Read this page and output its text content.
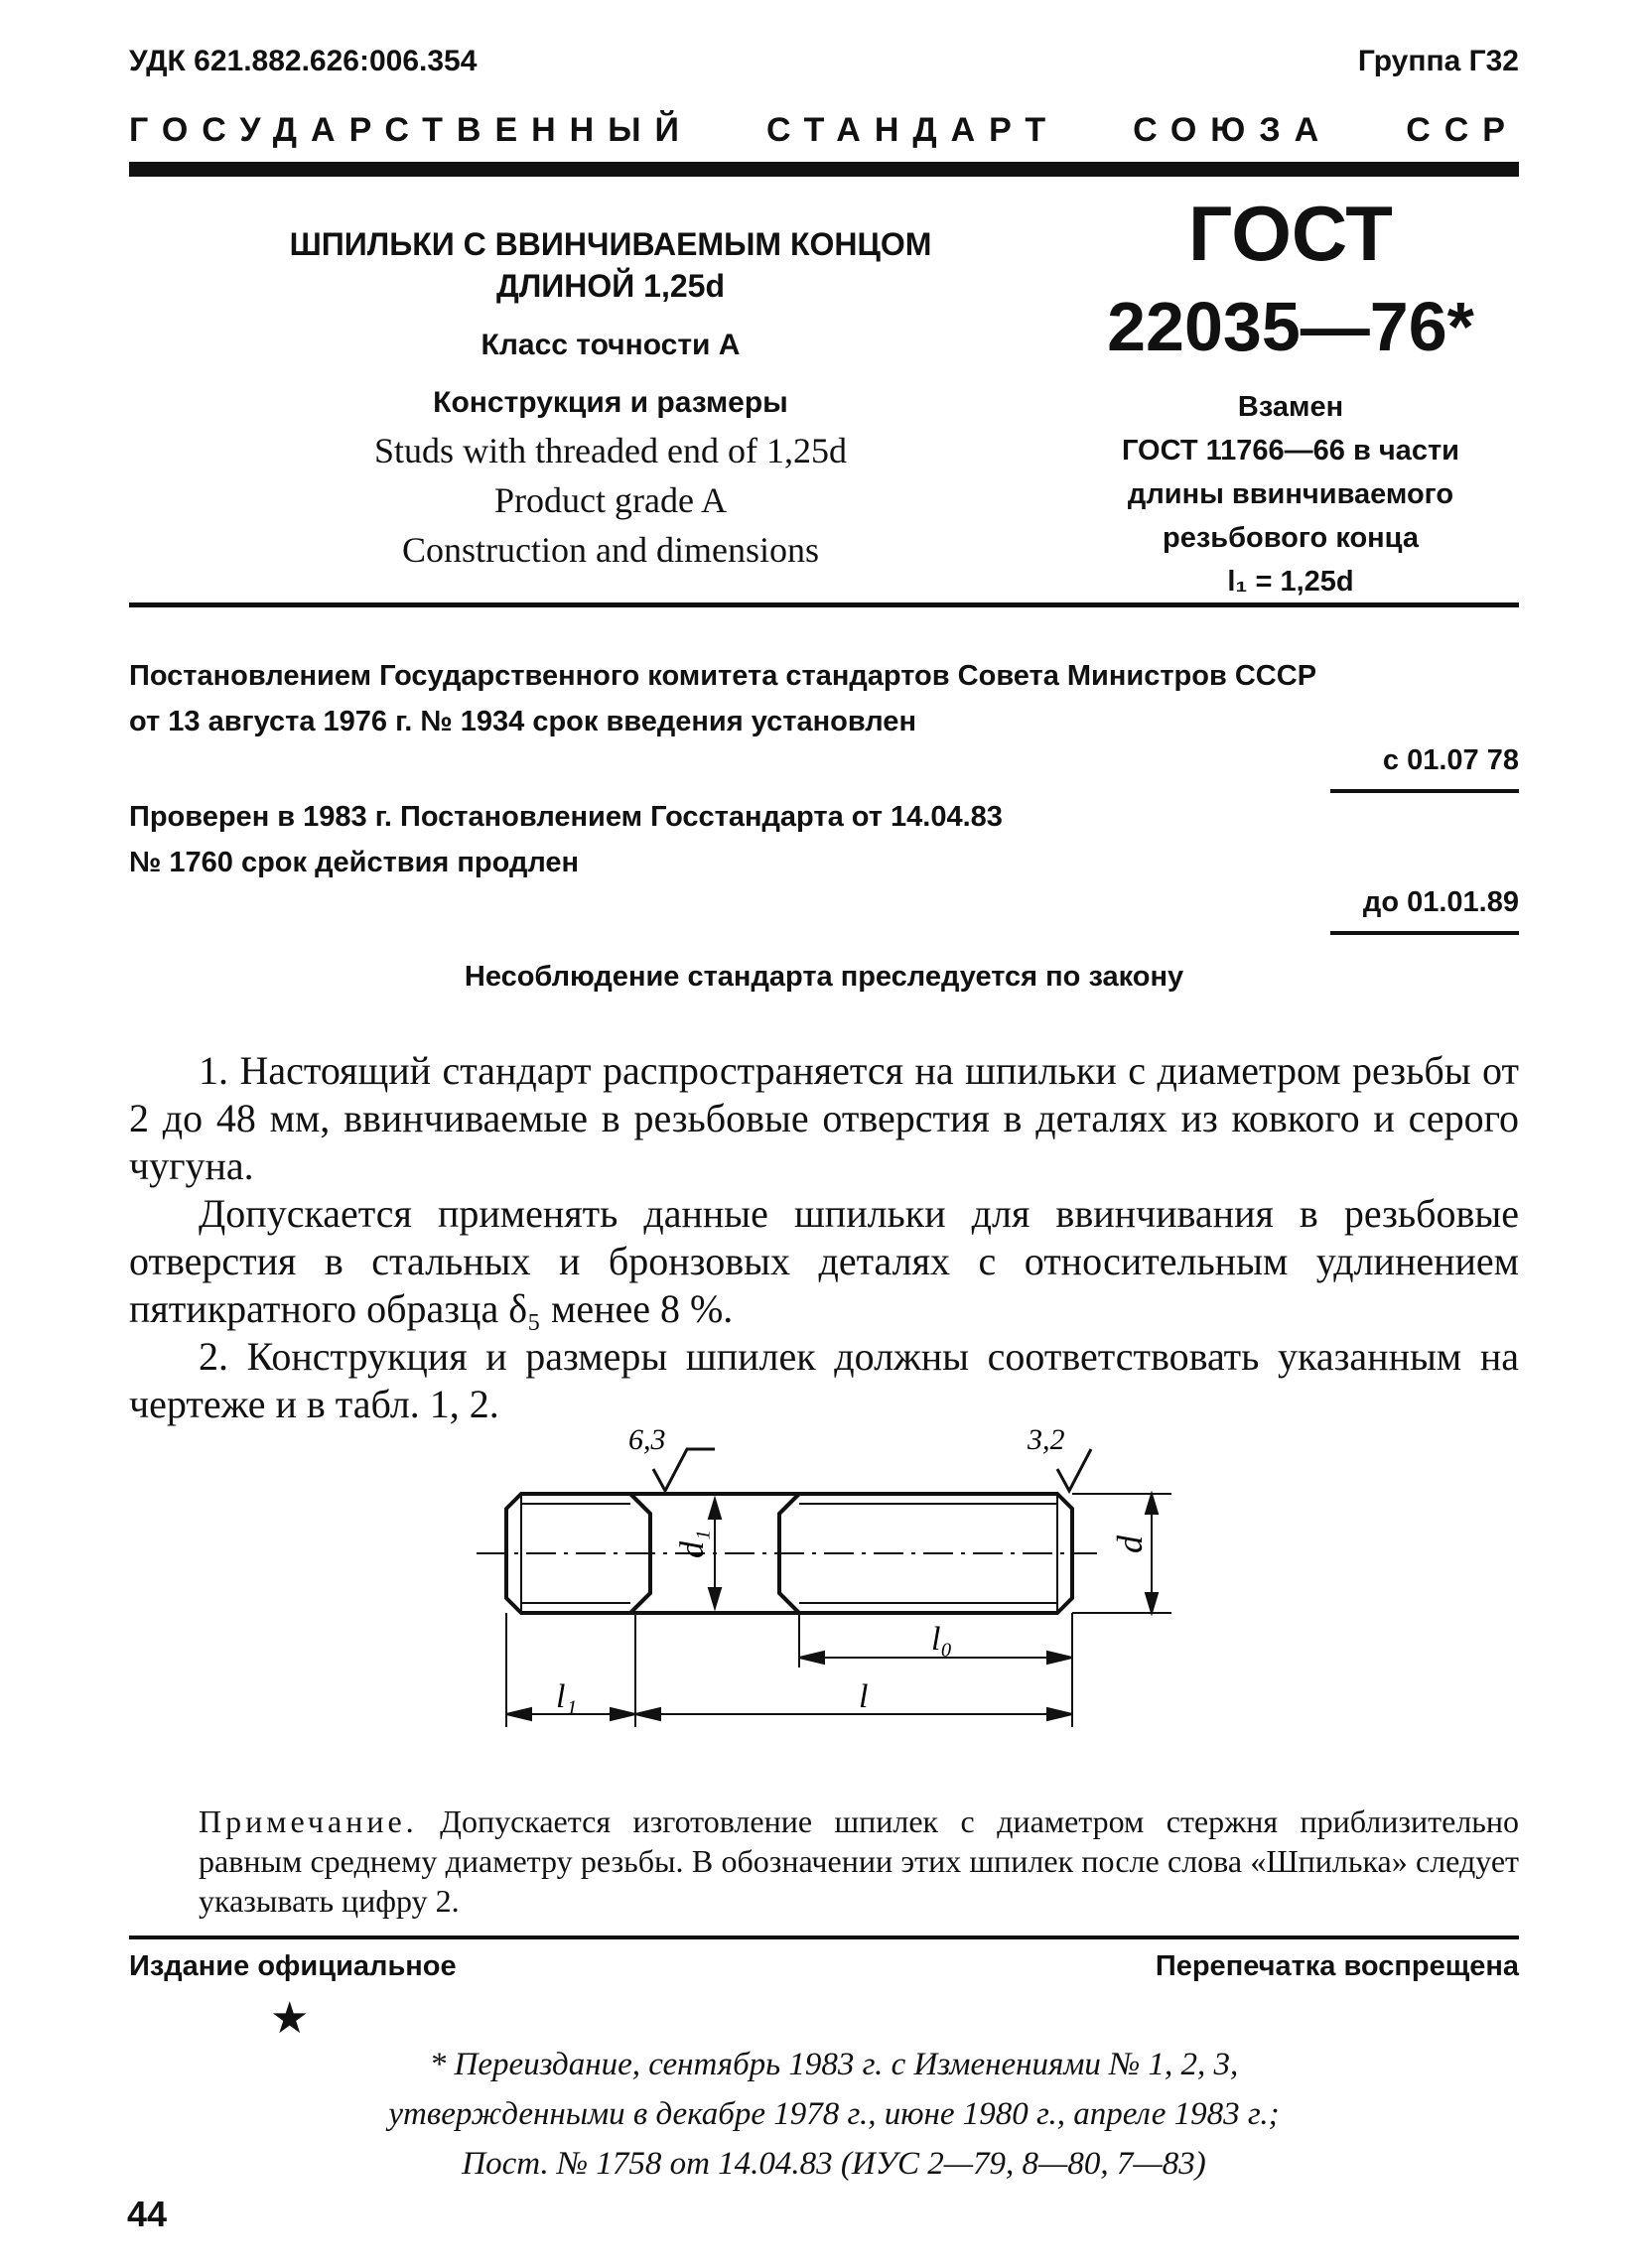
УДК 621.882.626:006.354	Группа Г32
ГОСУДАРСТВЕННЫЙ СТАНДАРТ СОЮЗА ССР
ШПИЛЬКИ С ВВИНЧИВАЕМЫМ КОНЦОМ
ДЛИНОЙ 1,25d
Класс точности А
Конструкция и размеры
Studs with threaded end of 1,25d
Product grade A
Construction and dimensions
ГОСТ
22035—76*
Взамен
ГОСТ 11766—66 в части
длины ввинчиваемого
резьбового конца
l₁ = 1,25d
Постановлением Государственного комитета стандартов Совета Министров СССР
от 13 августа 1976 г. № 1934 срок введения установлен
с 01.07 78
Проверен в 1983 г. Постановлением Госстандарта от 14.04.83
№ 1760 срок действия продлен
до 01.01.89
Несоблюдение стандарта преследуется по закону

1. Настоящий стандарт распространяется на шпильки с диаметром резьбы от 2 до 48 мм, ввинчиваемые в резьбовые отверстия в деталях из ковкого и серого чугуна.

Допускается применять данные шпильки для ввинчивания в резьбовые отверстия в стальных и бронзовых деталях с относительным удлинением пятикратного образца δ₅ менее 8 %.

2. Конструкция и размеры шпилек должны соответствовать указанным на чертеже и в табл. 1, 2.

d₁	d
6,3	3,2
l₀
l₁	l
Примечание. Допускается изготовление шпилек с диаметром стержня приблизительно равным среднему диаметру резьбы. В обозначении этих шпилек после слова «Шпилька» следует указывать цифру 2.
Издание официальное	Перепечатка воспрещена
★
* Переиздание, сентябрь 1983 г. с Изменениями № 1, 2, 3,
утвержденными в декабре 1978 г., июне 1980 г., апреле 1983 г.;
Пост. № 1758 от 14.04.83 (ИУС 2—79, 8—80, 7—83)
44
